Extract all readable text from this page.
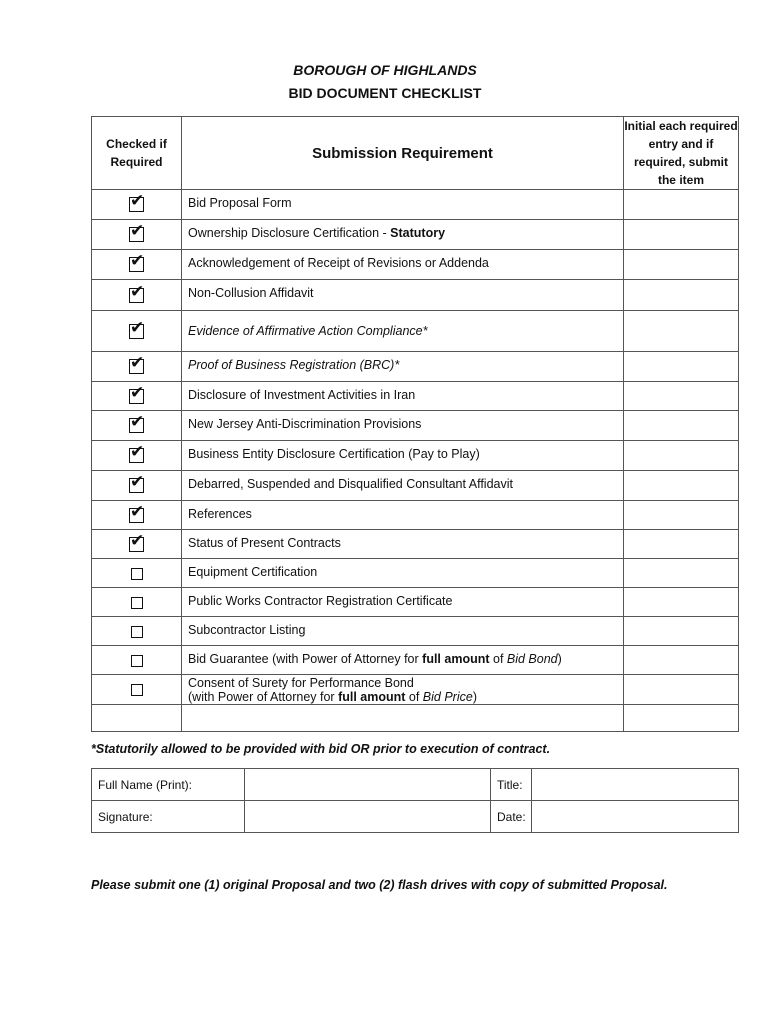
BOROUGH OF HIGHLANDS
BID DOCUMENT CHECKLIST
Checked if Required	Submission Requirement	Initial each required entry and if required, submit the item
✔	Bid Proposal Form	
✔	Ownership Disclosure Certification - Statutory	
✔	Acknowledgement of Receipt of Revisions or Addenda	
✔	Non-Collusion Affidavit	
✔	Evidence of Affirmative Action Compliance*	
✔	Proof of Business Registration (BRC)*	
✔	Disclosure of Investment Activities in Iran	
✔	New Jersey Anti-Discrimination Provisions	
✔	Business Entity Disclosure Certification (Pay to Play)	
✔	Debarred, Suspended and Disqualified Consultant Affidavit	
✔	References	
✔	Status of Present Contracts	
	Equipment Certification	
	Public Works Contractor Registration Certificate	
	Subcontractor Listing	
	Bid Guarantee (with Power of Attorney for full amount of Bid Bond)	

	Consent of Surety for Performance Bond
(with Power of Attorney for full amount of Bid Price)	

*Statutorily allowed to be provided with bid OR prior to execution of contract.
Full Name (Print):		Title:	
Signature:		Date:	
Please submit one (1) original Proposal and two (2) flash drives with copy of submitted Proposal.
